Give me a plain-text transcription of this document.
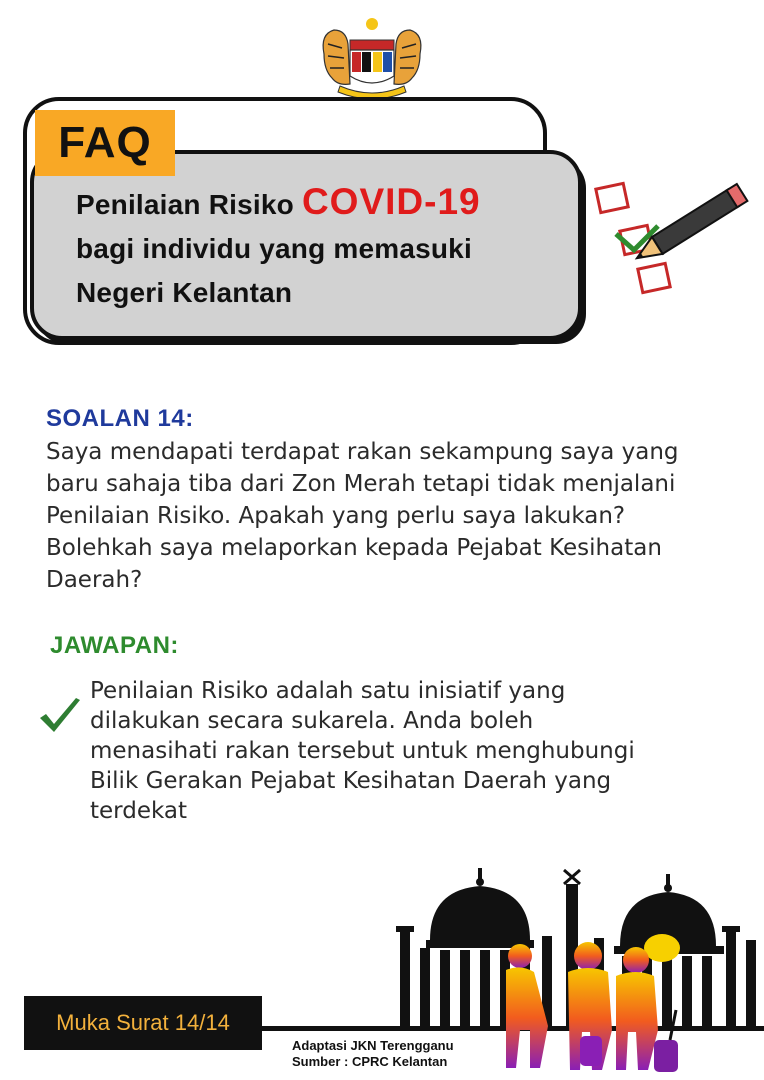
FAQ
Penilaian Risiko COVID-19
bagi individu yang memasuki
Negeri Kelantan
SOALAN 14:
Saya mendapati terdapat rakan sekampung saya yang
baru sahaja tiba dari Zon Merah tetapi tidak menjalani
Penilaian Risiko. Apakah yang perlu saya lakukan?
Bolehkah saya melaporkan kepada Pejabat Kesihatan
Daerah?
JAWAPAN:
Penilaian Risiko adalah satu inisiatif yang
dilakukan secara sukarela. Anda boleh
menasihati rakan tersebut untuk menghubungi
Bilik Gerakan Pejabat Kesihatan Daerah yang
terdekat
Muka Surat 14/14
Adaptasi JKN Terengganu
Sumber : CPRC Kelantan
